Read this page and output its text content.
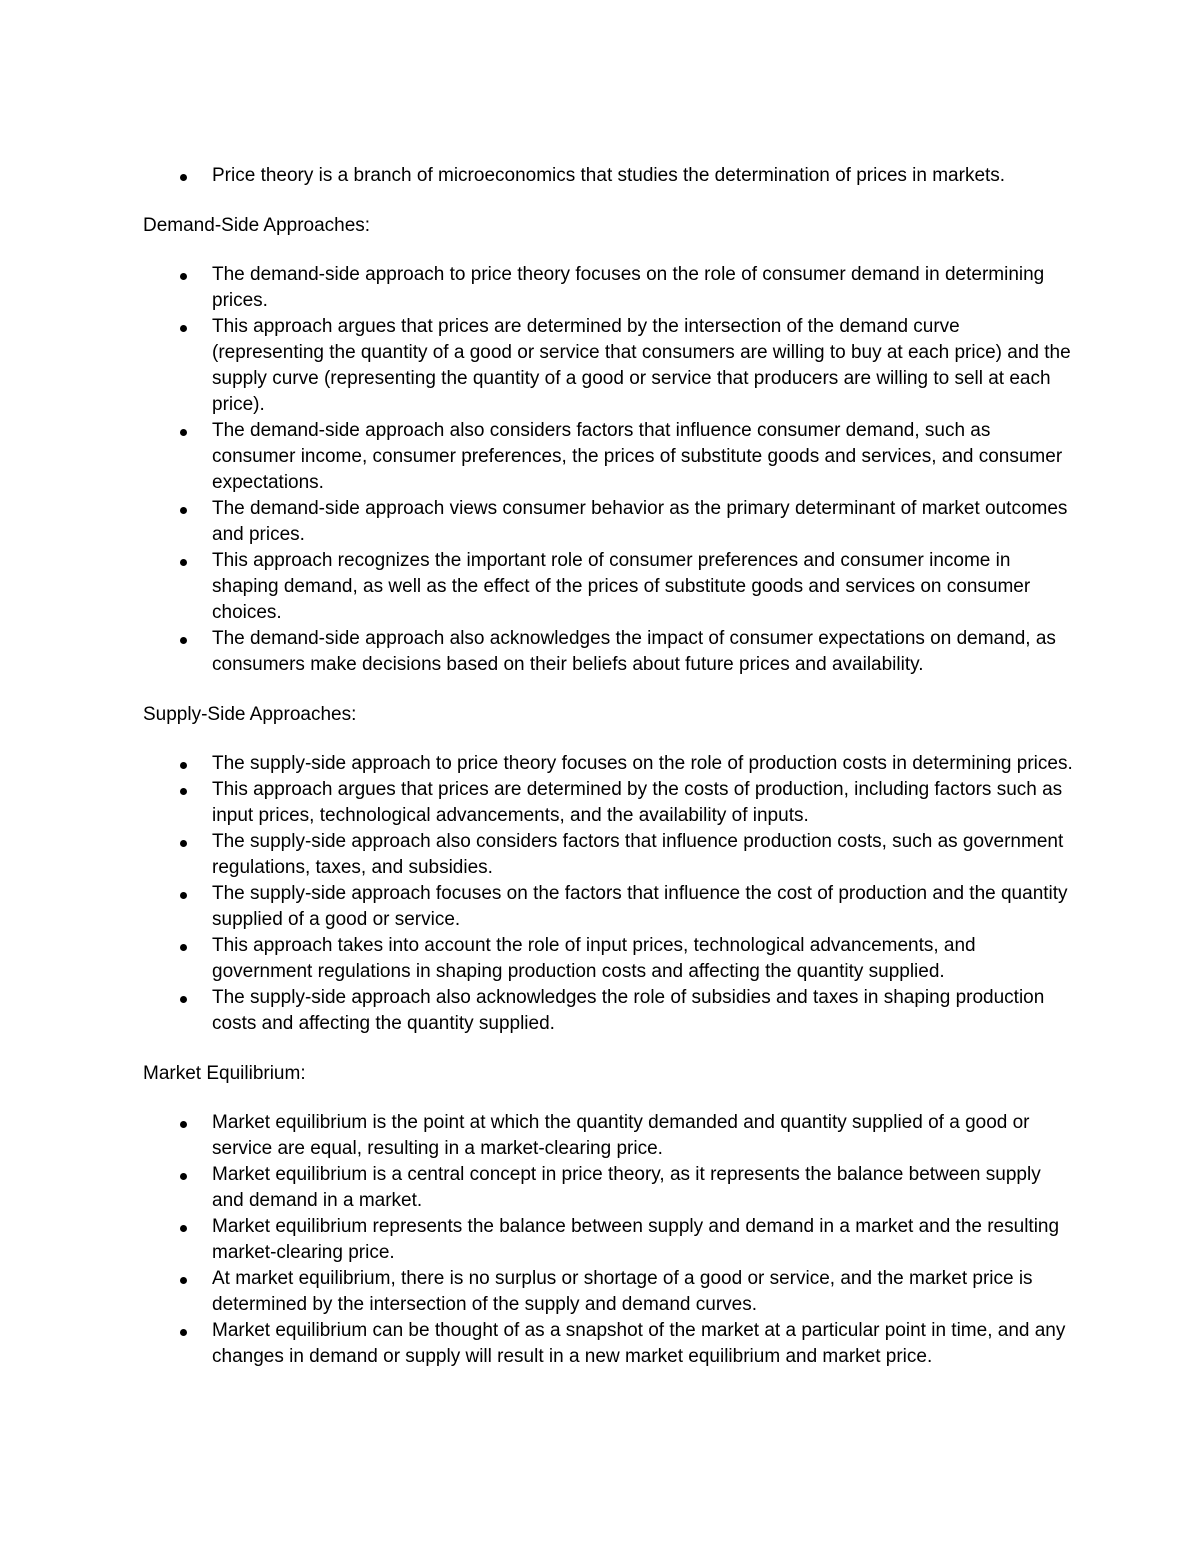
Price theory is a branch of microeconomics that studies the determination of prices in markets.

Demand-Side Approaches:

The demand-side approach to price theory focuses on the role of consumer demand in determining prices.
This approach argues that prices are determined by the intersection of the demand curve (representing the quantity of a good or service that consumers are willing to buy at each price) and the supply curve (representing the quantity of a good or service that producers are willing to sell at each price).
The demand-side approach also considers factors that influence consumer demand, such as consumer income, consumer preferences, the prices of substitute goods and services, and consumer expectations.
The demand-side approach views consumer behavior as the primary determinant of market outcomes and prices.
This approach recognizes the important role of consumer preferences and consumer income in shaping demand, as well as the effect of the prices of substitute goods and services on consumer choices.
The demand-side approach also acknowledges the impact of consumer expectations on demand, as consumers make decisions based on their beliefs about future prices and availability.

Supply-Side Approaches:

The supply-side approach to price theory focuses on the role of production costs in determining prices.
This approach argues that prices are determined by the costs of production, including factors such as input prices, technological advancements, and the availability of inputs.
The supply-side approach also considers factors that influence production costs, such as government regulations, taxes, and subsidies.
The supply-side approach focuses on the factors that influence the cost of production and the quantity supplied of a good or service.
This approach takes into account the role of input prices, technological advancements, and government regulations in shaping production costs and affecting the quantity supplied.
The supply-side approach also acknowledges the role of subsidies and taxes in shaping production costs and affecting the quantity supplied.

Market Equilibrium:

Market equilibrium is the point at which the quantity demanded and quantity supplied of a good or service are equal, resulting in a market-clearing price.
Market equilibrium is a central concept in price theory, as it represents the balance between supply and demand in a market.
Market equilibrium represents the balance between supply and demand in a market and the resulting market-clearing price.
At market equilibrium, there is no surplus or shortage of a good or service, and the market price is determined by the intersection of the supply and demand curves.
Market equilibrium can be thought of as a snapshot of the market at a particular point in time, and any changes in demand or supply will result in a new market equilibrium and market price.
